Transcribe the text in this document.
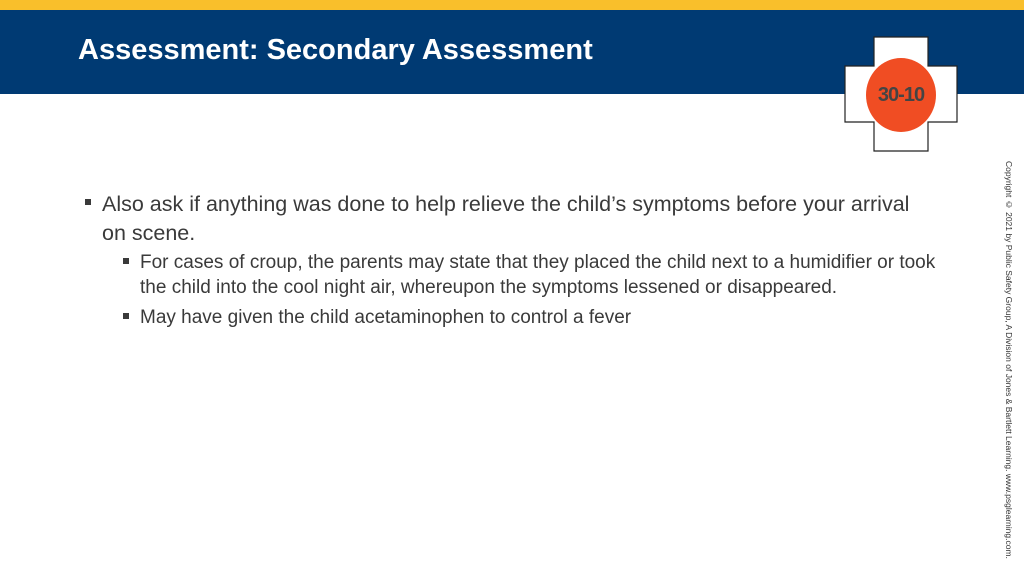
Assessment: Secondary Assessment
30-10
Copyright © 2021 by Public Safety Group, A Division of Jones & Bartlett Learning. www.psglearning.com.
Also ask if anything was done to help relieve the child’s symptoms before your arrival on scene.
For cases of croup, the parents may state that they placed the child next to a humidifier or took the child into the cool night air, whereupon the symptoms lessened or disappeared.
May have given the child acetaminophen to control a fever
